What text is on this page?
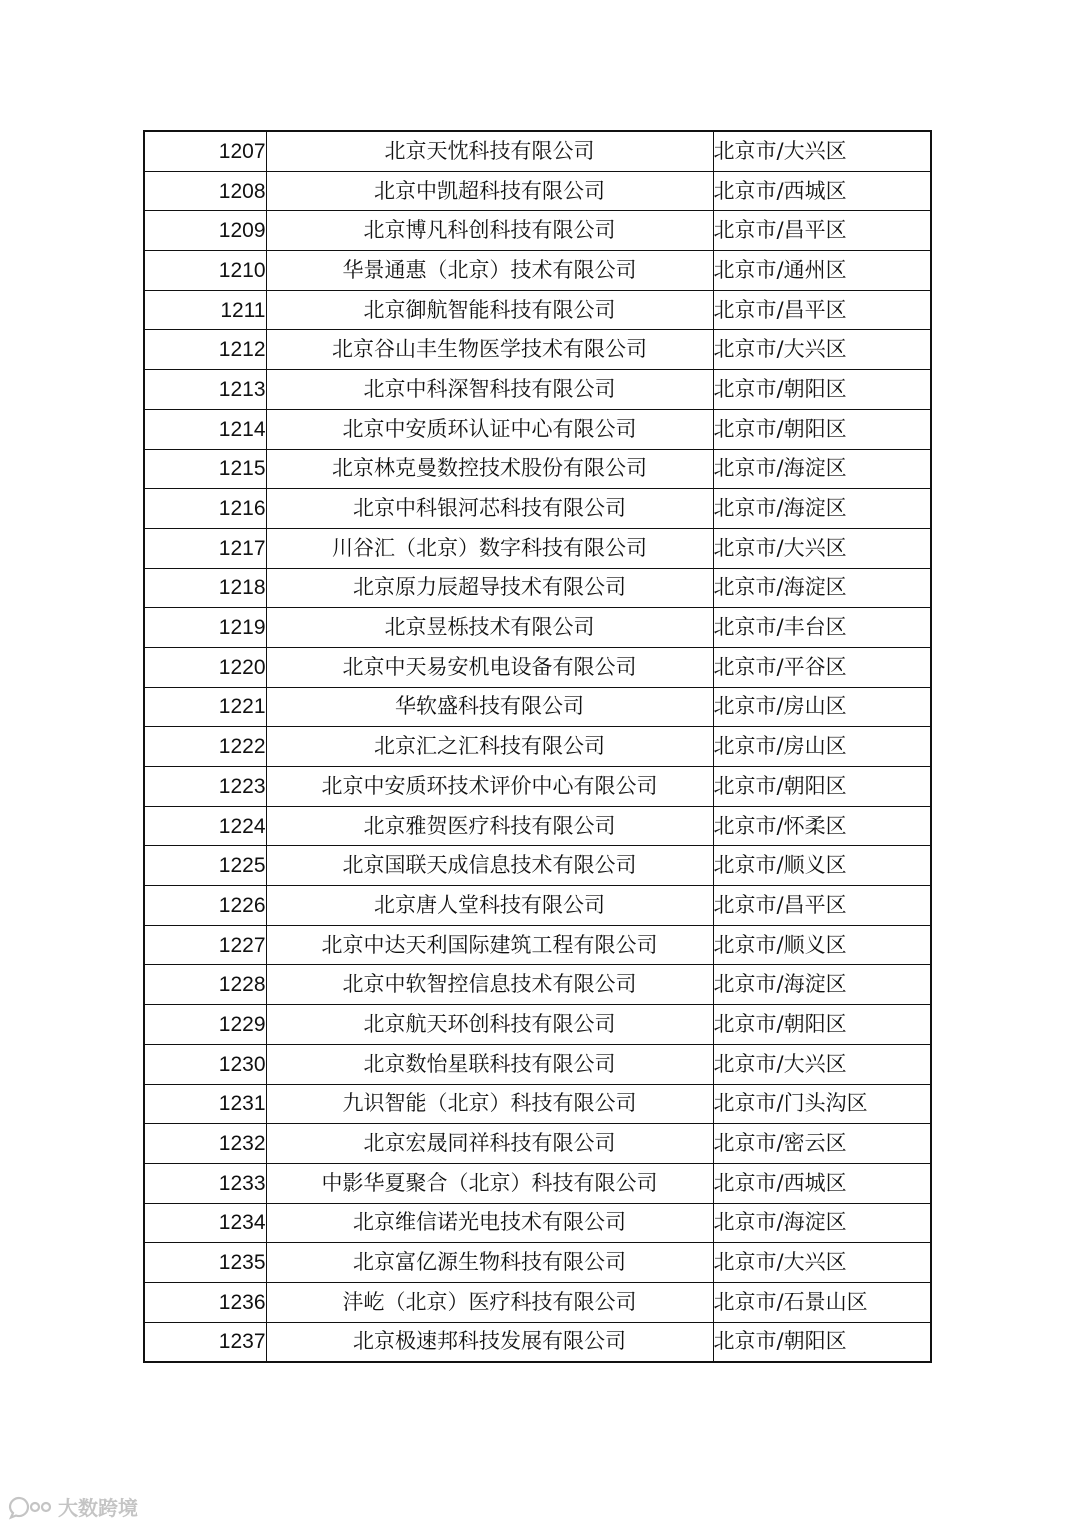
1207	北京天忱科技有限公司	北京市/大兴区
1208	北京中凯超科技有限公司	北京市/西城区
1209	北京博凡科创科技有限公司	北京市/昌平区
1210	华景通惠（北京）技术有限公司	北京市/通州区
1211	北京御航智能科技有限公司	北京市/昌平区
1212	北京谷山丰生物医学技术有限公司	北京市/大兴区
1213	北京中科深智科技有限公司	北京市/朝阳区
1214	北京中安质环认证中心有限公司	北京市/朝阳区
1215	北京林克曼数控技术股份有限公司	北京市/海淀区
1216	北京中科银河芯科技有限公司	北京市/海淀区
1217	川谷汇（北京）数字科技有限公司	北京市/大兴区
1218	北京原力辰超导技术有限公司	北京市/海淀区
1219	北京昱栎技术有限公司	北京市/丰台区
1220	北京中天易安机电设备有限公司	北京市/平谷区
1221	华软盛科技有限公司	北京市/房山区
1222	北京汇之汇科技有限公司	北京市/房山区
1223	北京中安质环技术评价中心有限公司	北京市/朝阳区
1224	北京雅贺医疗科技有限公司	北京市/怀柔区
1225	北京国联天成信息技术有限公司	北京市/顺义区
1226	北京唐人堂科技有限公司	北京市/昌平区
1227	北京中达天利国际建筑工程有限公司	北京市/顺义区
1228	北京中软智控信息技术有限公司	北京市/海淀区
1229	北京航天环创科技有限公司	北京市/朝阳区
1230	北京数怡星联科技有限公司	北京市/大兴区
1231	九识智能（北京）科技有限公司	北京市/门头沟区
1232	北京宏晟同祥科技有限公司	北京市/密云区
1233	中影华夏聚合（北京）科技有限公司	北京市/西城区
1234	北京维信诺光电技术有限公司	北京市/海淀区
1235	北京富亿源生物科技有限公司	北京市/大兴区
1236	沣屹（北京）医疗科技有限公司	北京市/石景山区
1237	北京极速邦科技发展有限公司	北京市/朝阳区
大数跨境
